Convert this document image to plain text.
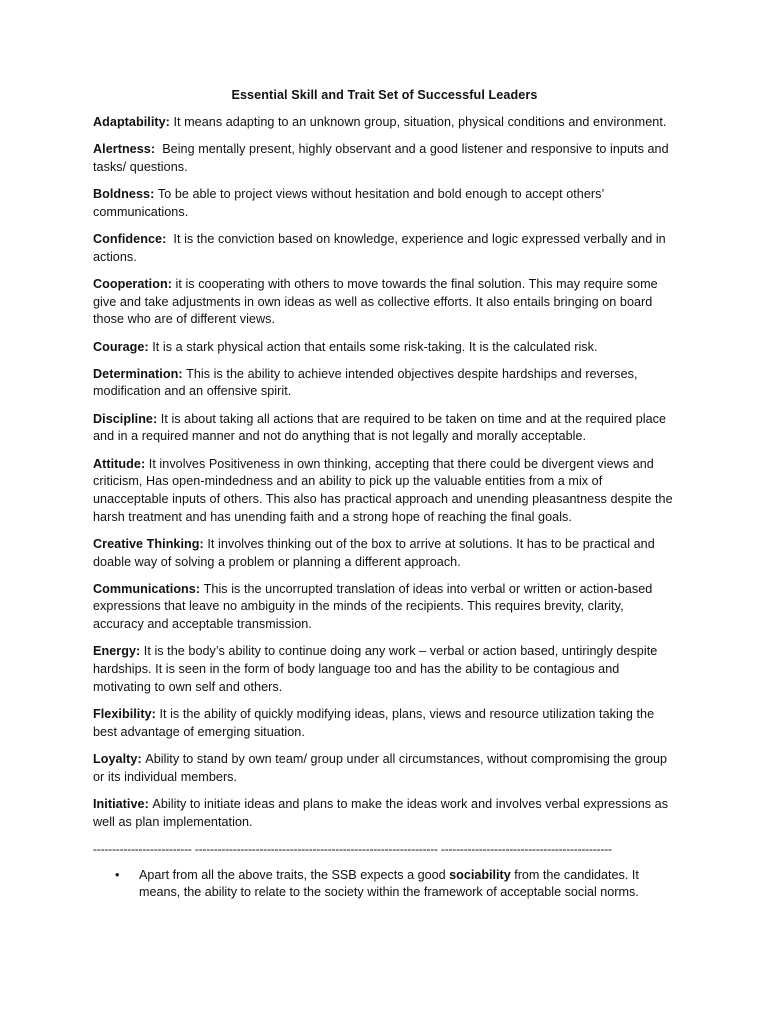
Essential Skill and Trait Set of Successful Leaders

Adaptability: It means adapting to an unknown group, situation, physical conditions and environment.

Alertness:  Being mentally present, highly observant and a good listener and responsive to inputs and tasks/ questions.

Boldness: To be able to project views without hesitation and bold enough to accept others’ communications.

Confidence:  It is the conviction based on knowledge, experience and logic expressed verbally and in actions.

Cooperation: it is cooperating with others to move towards the final solution. This may require some give and take adjustments in own ideas as well as collective efforts. It also entails bringing on board those who are of different views.

Courage: It is a stark physical action that entails some risk-taking. It is the calculated risk.

Determination: This is the ability to achieve intended objectives despite hardships and reverses, modification and an offensive spirit.

Discipline: It is about taking all actions that are required to be taken on time and at the required place and in a required manner and not do anything that is not legally and morally acceptable.

Attitude: It involves Positiveness in own thinking, accepting that there could be divergent views and criticism, Has open-mindedness and an ability to pick up the valuable entities from a mix of unacceptable inputs of others. This also has practical approach and unending pleasantness despite the harsh treatment and has unending faith and a strong hope of reaching the final goals.

Creative Thinking: It involves thinking out of the box to arrive at solutions. It has to be practical and doable way of solving a problem or planning a different approach.

Communications: This is the uncorrupted translation of ideas into verbal or written or action-based expressions that leave no ambiguity in the minds of the recipients. This requires brevity, clarity, accuracy and acceptable transmission.

Energy: It is the body’s ability to continue doing any work – verbal or action based, untiringly despite hardships. It is seen in the form of body language too and has the ability to be contagious and motivating to own self and others.

Flexibility: It is the ability of quickly modifying ideas, plans, views and resource utilization taking the best advantage of emerging situation.

Loyalty: Ability to stand by own team/ group under all circumstances, without compromising the group or its individual members.

Initiative: Ability to initiate ideas and plans to make the ideas work and involves verbal expressions as well as plan implementation.

-------------------------- ---------------------------------------------------------------- ---------------------------------------------
• Apart from all the above traits, the SSB expects a good sociability from the candidates. It means, the ability to relate to the society within the framework of acceptable social norms.
